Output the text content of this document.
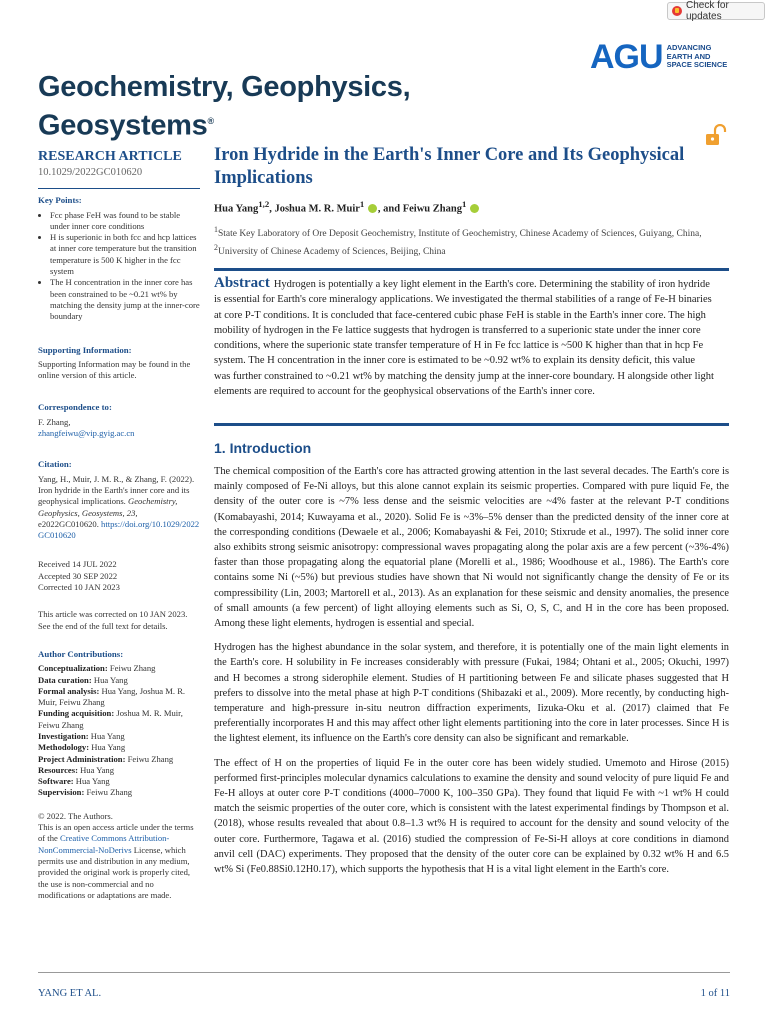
Check for updates
AGU ADVANCING
EARTH AND
SPACE SCIENCE
Geochemistry, Geophysics,
Geosystems®
RESEARCH ARTICLE
10.1029/2022GC010620
Key Points:
• Fcc phase FeH was found to be stable under inner core conditions
• H is superionic in both fcc and hcp lattices at inner core temperature but the transition temperature is 500 K higher in the fcc system
• The H concentration in the inner core has been constrained to be ~0.21 wt% by matching the density jump at the inner-core boundary
Supporting Information:
Supporting Information may be found in the online version of this article.
Correspondence to:
F. Zhang,
zhangfeiwu@vip.gyig.ac.cn
Citation:
Yang, H., Muir, J. M. R., & Zhang, F. (2022). Iron hydride in the Earth's inner core and its geophysical implications. Geochemistry, Geophysics, Geosystems, 23, e2022GC010620. https://doi.org/10.1029/2022GC010620
Received 14 JUL 2022
Accepted 30 SEP 2022
Corrected 10 JAN 2023
This article was corrected on 10 JAN 2023. See the end of the full text for details.
Author Contributions:
Conceptualization: Feiwu Zhang
Data curation: Hua Yang
Formal analysis: Hua Yang, Joshua M. R. Muir, Feiwu Zhang
Funding acquisition: Joshua M. R. Muir, Feiwu Zhang
Investigation: Hua Yang
Methodology: Hua Yang
Project Administration: Feiwu Zhang
Resources: Hua Yang
Software: Hua Yang
Supervision: Feiwu Zhang
© 2022. The Authors.
This is an open access article under the terms of the Creative Commons Attribution-NonCommercial-NoDerivs License, which permits use and distribution in any medium, provided the original work is properly cited, the use is non-commercial and no modifications or adaptations are made.
Iron Hydride in the Earth's Inner Core and Its Geophysical Implications
Hua Yang$^{1,2}$, Joshua M. R. Muir$^1$ , and Feiwu Zhang$^1$
$^1$State Key Laboratory of Ore Deposit Geochemistry, Institute of Geochemistry, Chinese Academy of Sciences, Guiyang, China, $^2$University of Chinese Academy of Sciences, Beijing, China
Abstract Hydrogen is potentially a key light element in the Earth's core. Determining the stability of iron hydride is essential for Earth's core mineralogy applications. We investigated the thermal stabilities of a range of Fe-H binaries at core P-T conditions. It is concluded that face-centered cubic phase FeH is stable in the Earth's inner core. The high mobility of hydrogen in the Fe lattice suggests that hydrogen is transferred to a superionic state under the inner core conditions, where the superionic state transfer temperature of H in Fe fcc lattice is ~500 K higher than that in hcp Fe system. The H concentration in the inner core is estimated to be ~0.92 wt% to explain its density deficit, this value was further constrained to ~0.21 wt% by matching the density jump at the inner-core boundary. H alongside other light elements are required to account for the geophysical observations of the Earth's inner core.
1. Introduction

The chemical composition of the Earth's core has attracted growing attention in the last several decades. The Earth's core is mainly composed of Fe-Ni alloys, but this alone cannot explain its seismic properties. Compared with pure liquid Fe, the density of the outer core is ~7% less dense and the seismic velocities are ~4% faster at the relevant P-T conditions (Komabayashi, 2014; Kuwayama et al., 2020). Solid Fe is ~3%–5% denser than the predicted density of the inner core at the corresponding conditions (Dewaele et al., 2006; Komabayashi & Fei, 2010; Stixrude et al., 1997). The solid inner core also exhibits strong seismic anisotropy: compressional waves propagating along the polar axis are a few percent (~3%-4%) faster than those propagating along the equatorial plane (Morelli et al., 1986; Woodhouse et al., 1986). The Earth's core contains some Ni (~5%) but previous studies have shown that Ni would not significantly change the density of Fe or its compressibility (Lin, 2003; Martorell et al., 2013). As an explanation for these seismic and density anomalies, the presence of small amounts (a few percent) of light alloying elements such as Si, O, S, C, and H in the core has been proposed. Among these light elements, hydrogen is essential and special.

Hydrogen has the highest abundance in the solar system, and therefore, it is potentially one of the main light elements in the Earth's core. H solubility in Fe increases considerably with pressure (Fukai, 1984; Ohtani et al., 2005; Okuchi, 1997) and H becomes a strong siderophile element. Studies of H partitioning between Fe and silicate phases suggested that H prefers to dissolve into the metal phase at high P-T conditions (Shibazaki et al., 2009). More recently, by conducting high-temperature and high-pressure in-situ neutron diffraction experiments, Iizuka-Oku et al. (2017) claimed that Fe preferentially incorporates H and this may affect other light elements partitioning into the core in later processes. Since H is the lightest element, its influence on the Earth's core density can also be significant and remarkable.

The effect of H on the properties of liquid Fe in the outer core has been widely studied. Umemoto and Hirose (2015) performed first-principles molecular dynamics calculations to examine the density and sound velocity of pure liquid Fe and Fe-H alloys at outer core P-T conditions (4000–7000 K, 100–350 GPa). They found that liquid Fe with ~1 wt% H could match the seismic properties of the outer core, which is consistent with the latest experimental findings by Thompson et al. (2018), whose results revealed that about 0.8–1.3 wt% H is required to account for the density and sound velocity of the outer core. Furthermore, Tagawa et al. (2016) studied the compression of Fe-Si-H alloys at core conditions in diamond anvil cell (DAC) experiments. They proposed that the density of the outer core can be explained by 0.32 wt% H and 6.5 wt% Si (Fe0.88Si0.12H0.17), which supports the hypothesis that H is a vital light element in the Earth's core.

YANG ET AL.	1 of 11
